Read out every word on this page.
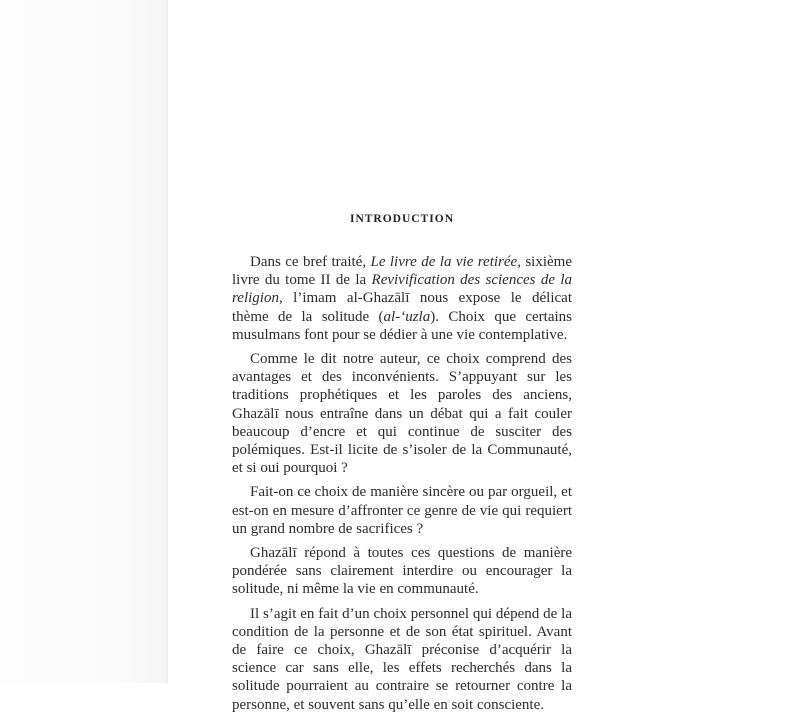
INTRODUCTION

Dans ce bref traité, Le livre de la vie retirée, sixième livre du tome II de la Revivification des sciences de la religion, l’imam al-Ghazālī nous expose le délicat thème de la solitude (al-‘uzla). Choix que certains musulmans font pour se dédier à une vie contemplative.

Comme le dit notre auteur, ce choix comprend des avantages et des inconvénients. S’appuyant sur les traditions prophétiques et les paroles des anciens, Ghazālī nous entraîne dans un débat qui a fait couler beaucoup d’encre et qui continue de susciter des polémiques. Est-il licite de s’isoler de la Communauté, et si oui pourquoi ?

Fait-on ce choix de manière sincère ou par orgueil, et est-on en mesure d’affronter ce genre de vie qui requiert un grand nombre de sacrifices ?

Ghazālī répond à toutes ces questions de manière pondérée sans clairement interdire ou encourager la solitude, ni même la vie en communauté.

Il s’agit en fait d’un choix personnel qui dépend de la condition de la personne et de son état spirituel. Avant de faire ce choix, Ghazālī préconise d’acquérir la science car sans elle, les effets recherchés dans la solitude pourraient au contraire se retourner contre la personne, et souvent sans qu’elle en soit consciente.
